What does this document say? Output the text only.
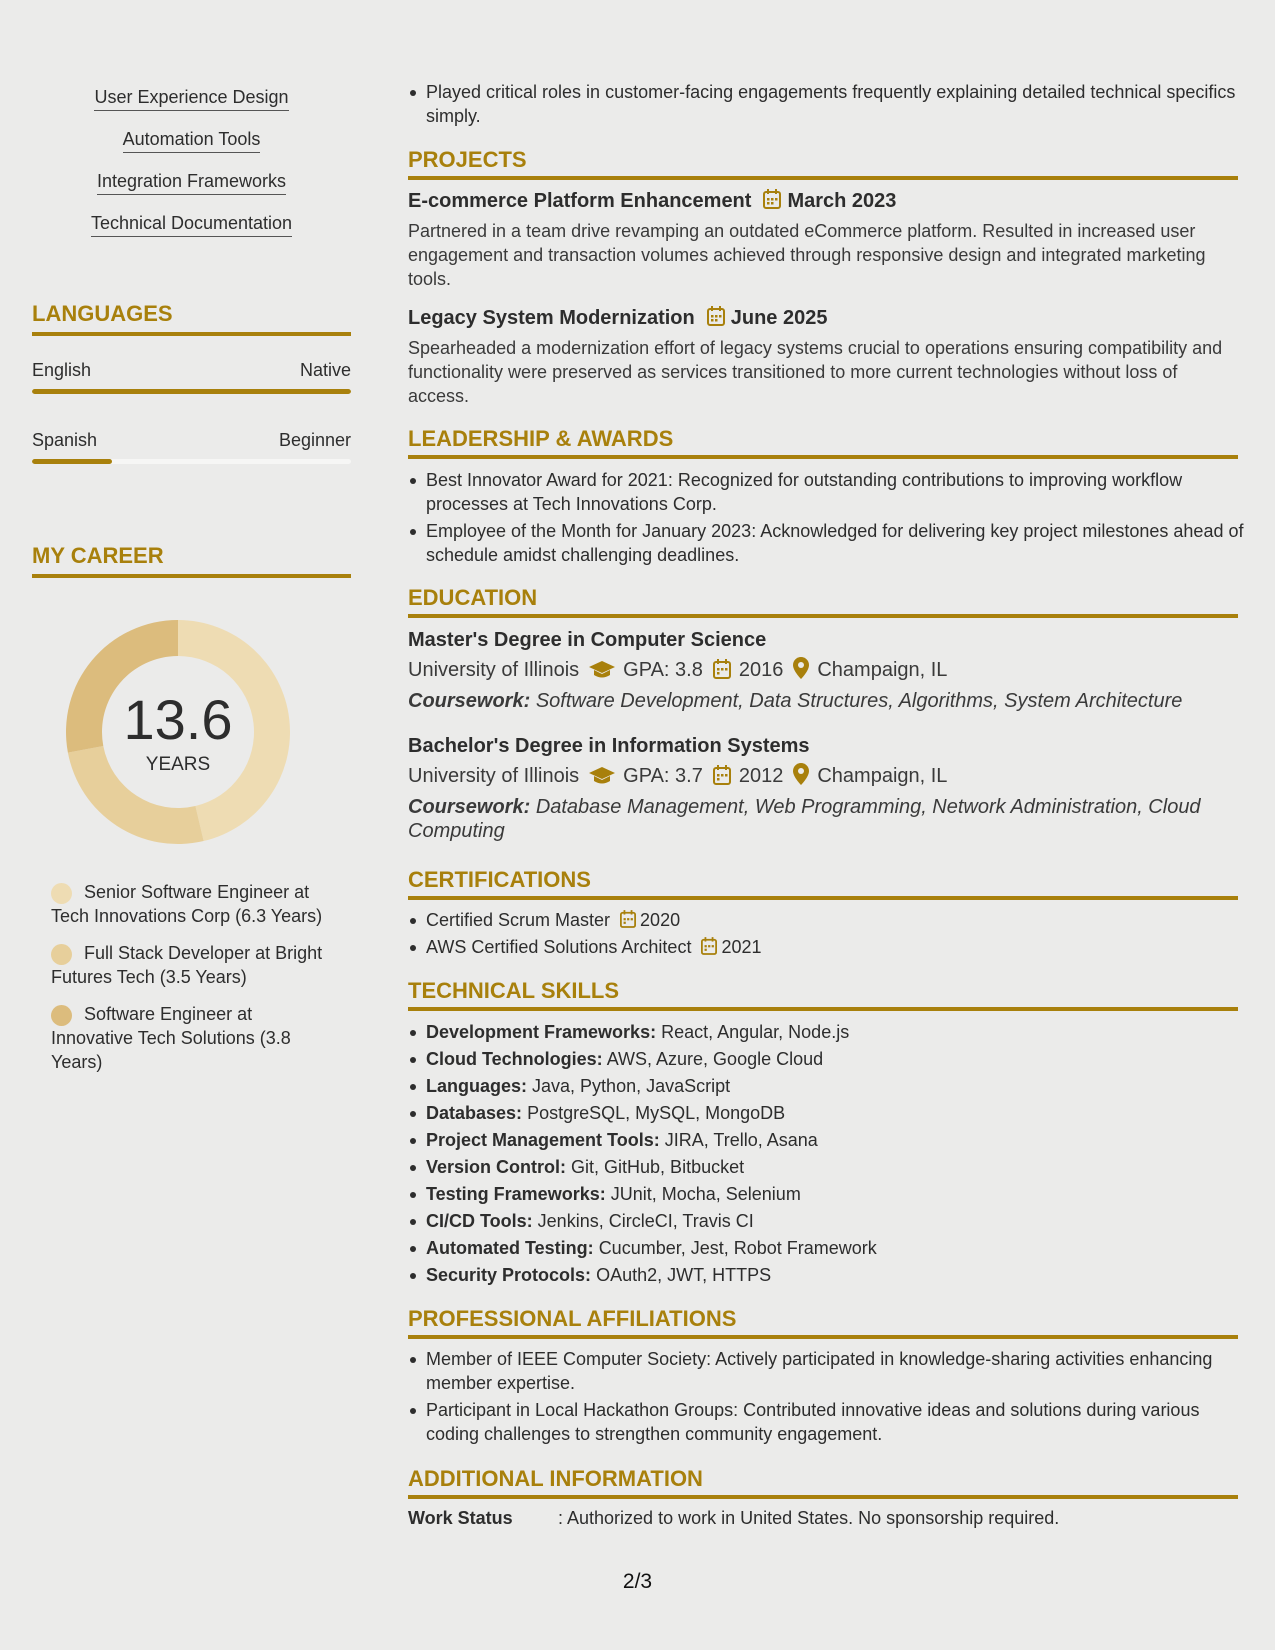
User Experience Design
Automation Tools
Integration Frameworks
Technical Documentation
LANGUAGES
English	Native
Spanish	Beginner
MY CAREER
13.6
YEARS
Senior Software Engineer at Tech Innovations Corp (6.3 Years)
Full Stack Developer at Bright Futures Tech (3.5 Years)
Software Engineer at Innovative Tech Solutions (3.8 Years)
Played critical roles in customer-facing engagements frequently explaining detailed technical specifics simply.
PROJECTS
E-commerce Platform Enhancement March 2023
Partnered in a team drive revamping an outdated eCommerce platform. Resulted in increased user engagement and transaction volumes achieved through responsive design and integrated marketing tools.
Legacy System Modernization June 2025
Spearheaded a modernization effort of legacy systems crucial to operations ensuring compatibility and functionality were preserved as services transitioned to more current technologies without loss of access.
LEADERSHIP & AWARDS
Best Innovator Award for 2021: Recognized for outstanding contributions to improving workflow processes at Tech Innovations Corp.
Employee of the Month for January 2023: Acknowledged for delivering key project milestones ahead of schedule amidst challenging deadlines.
EDUCATION
Master's Degree in Computer Science
University of Illinois GPA: 3.8 2016 Champaign, IL
Coursework: Software Development, Data Structures, Algorithms, System Architecture
Bachelor's Degree in Information Systems
University of Illinois GPA: 3.7 2012 Champaign, IL
Coursework: Database Management, Web Programming, Network Administration, Cloud Computing
CERTIFICATIONS
Certified Scrum Master 2020
AWS Certified Solutions Architect 2021
TECHNICAL SKILLS
Development Frameworks: React, Angular, Node.js
Cloud Technologies: AWS, Azure, Google Cloud
Languages: Java, Python, JavaScript
Databases: PostgreSQL, MySQL, MongoDB
Project Management Tools: JIRA, Trello, Asana
Version Control: Git, GitHub, Bitbucket
Testing Frameworks: JUnit, Mocha, Selenium
CI/CD Tools: Jenkins, CircleCI, Travis CI
Automated Testing: Cucumber, Jest, Robot Framework
Security Protocols: OAuth2, JWT, HTTPS
PROFESSIONAL AFFILIATIONS
Member of IEEE Computer Society: Actively participated in knowledge-sharing activities enhancing member expertise.
Participant in Local Hackathon Groups: Contributed innovative ideas and solutions during various coding challenges to strengthen community engagement.
ADDITIONAL INFORMATION
Work Status	: Authorized to work in United States. No sponsorship required.
2/3
